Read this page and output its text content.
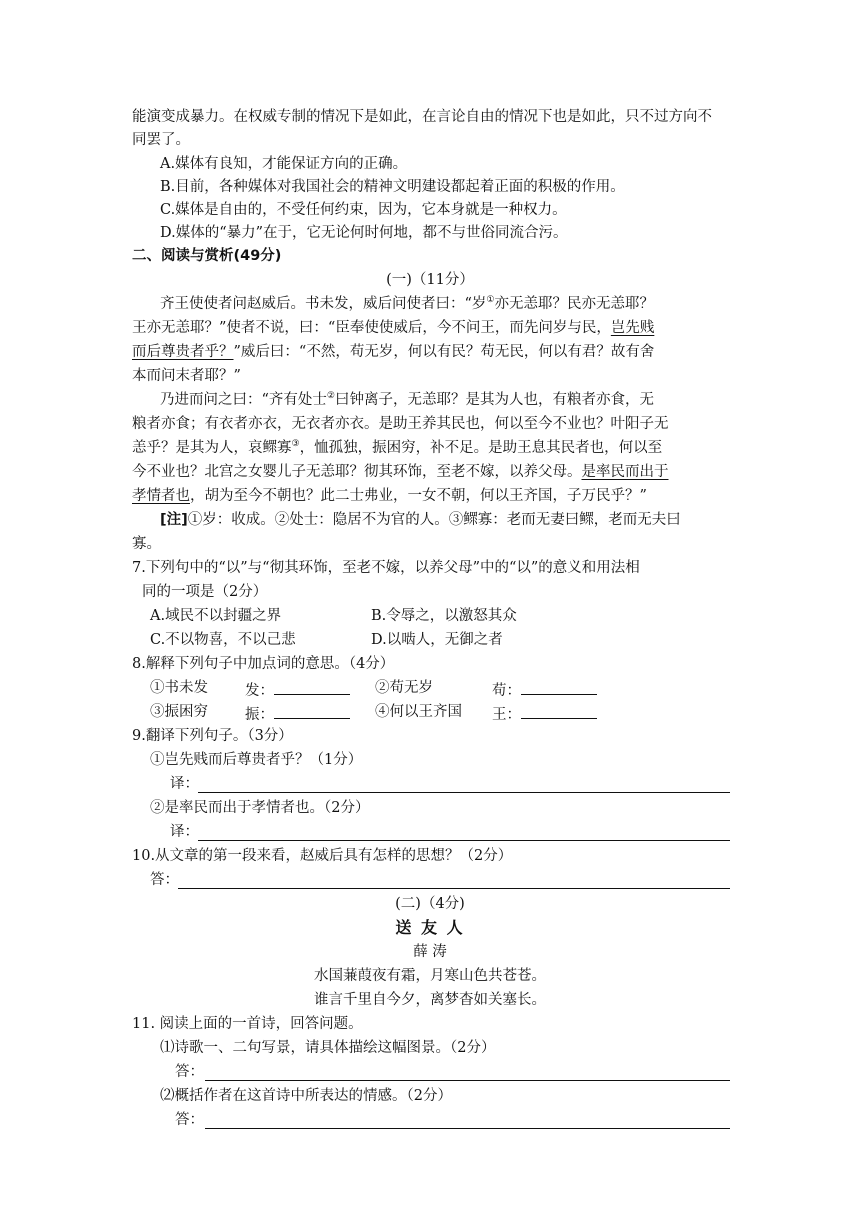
能演变成暴力。在权威专制的情况下是如此，在言论自由的情况下也是如此，只不过方向不
同罢了。
A.媒体有良知，才能保证方向的正确。
B.目前，各种媒体对我国社会的精神文明建设都起着正面的积极的作用。
C.媒体是自由的，不受任何约束，因为，它本身就是一种权力。
D.媒体的“暴力”在于，它无论何时何地，都不与世俗同流合污。
二、阅读与赏析(49分)
(一)（11分）
齐王使使者问赵威后。书未发，威后问使者曰：“岁①亦无恙耶？民亦无恙耶？
王亦无恙耶？”使者不说，曰：“臣奉使使威后，今不问王，而先问岁与民，岂先贱
而后尊贵者乎？”威后曰：“不然，苟无岁，何以有民？苟无民，何以有君？故有舍
本而问末者耶？”
乃进而问之曰：“齐有处士②曰钟离子，无恙耶？是其为人也，有粮者亦食，无
粮者亦食；有衣者亦衣，无衣者亦衣。是助王养其民也，何以至今不业也？叶阳子无
恙乎？是其为人，哀鳏寡③，恤孤独，振困穷，补不足。是助王息其民者也，何以至
今不业也？北宫之女婴儿子无恙耶？彻其环饰，至老不嫁，以养父母。是率民而出于
孝情者也，胡为至今不朝也？此二士弗业，一女不朝，何以王齐国，子万民乎？”
[注]①岁：收成。②处士：隐居不为官的人。③鳏寡：老而无妻曰鳏，老而无夫曰
寡。
7.下列句中的“以”与“彻其环饰，至老不嫁，以养父母”中的“以”的意义和用法相
同的一项是（2分）
A.域民不以封疆之界	B.令辱之，以激怒其众
C.不以物喜，不以己悲	D.以啮人，无御之者
8.解释下列句子中加点词的意思。（4分）
①书未发	发：	②苟无岁	苟：
③振困穷	振：	④何以王齐国 王：
9.翻译下列句子。（3分）
①岂先贱而后尊贵者乎？（1分）
译：
②是率民而出于孝情者也。（2分）
译：
10.从文章的第一段来看，赵威后具有怎样的思想？（2分）
答：
(二)（4分)
送 友 人
薛 涛
水国蒹葭夜有霜，月寒山色共苍苍。
谁言千里自今夕，离梦杳如关塞长。
11. 阅读上面的一首诗，回答问题。
⑴诗歌一、二句写景，请具体描绘这幅图景。（2分）
答：
⑵概括作者在这首诗中所表达的情感。（2分）
答：
